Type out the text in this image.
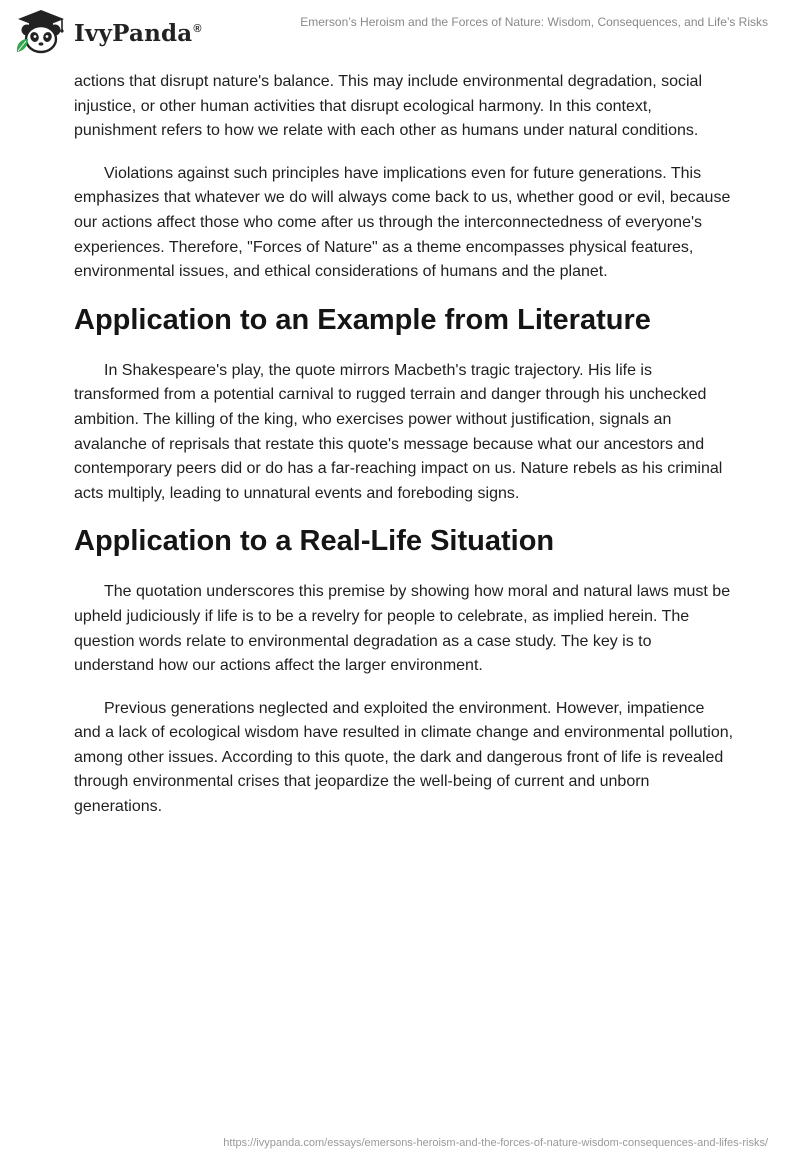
IvyPanda®	Emerson’s Heroism and the Forces of Nature: Wisdom, Consequences, and Life’s Risks

actions that disrupt nature's balance. This may include environmental degradation, social injustice, or other human activities that disrupt ecological harmony. In this context, punishment refers to how we relate with each other as humans under natural conditions.

Violations against such principles have implications even for future generations. This emphasizes that whatever we do will always come back to us, whether good or evil, because our actions affect those who come after us through the interconnectedness of everyone's experiences. Therefore, "Forces of Nature" as a theme encompasses physical features, environmental issues, and ethical considerations of humans and the planet.

Application to an Example from Literature

In Shakespeare's play, the quote mirrors Macbeth's tragic trajectory. His life is transformed from a potential carnival to rugged terrain and danger through his unchecked ambition. The killing of the king, who exercises power without justification, signals an avalanche of reprisals that restate this quote's message because what our ancestors and contemporary peers did or do has a far-reaching impact on us. Nature rebels as his criminal acts multiply, leading to unnatural events and foreboding signs.

Application to a Real-Life Situation

The quotation underscores this premise by showing how moral and natural laws must be upheld judiciously if life is to be a revelry for people to celebrate, as implied herein. The question words relate to environmental degradation as a case study. The key is to understand how our actions affect the larger environment.

Previous generations neglected and exploited the environment. However, impatience and a lack of ecological wisdom have resulted in climate change and environmental pollution, among other issues. According to this quote, the dark and dangerous front of life is revealed through environmental crises that jeopardize the well-being of current and unborn generations.

https://ivypanda.com/essays/emersons-heroism-and-the-forces-of-nature-wisdom-consequences-and-lifes-risks/
